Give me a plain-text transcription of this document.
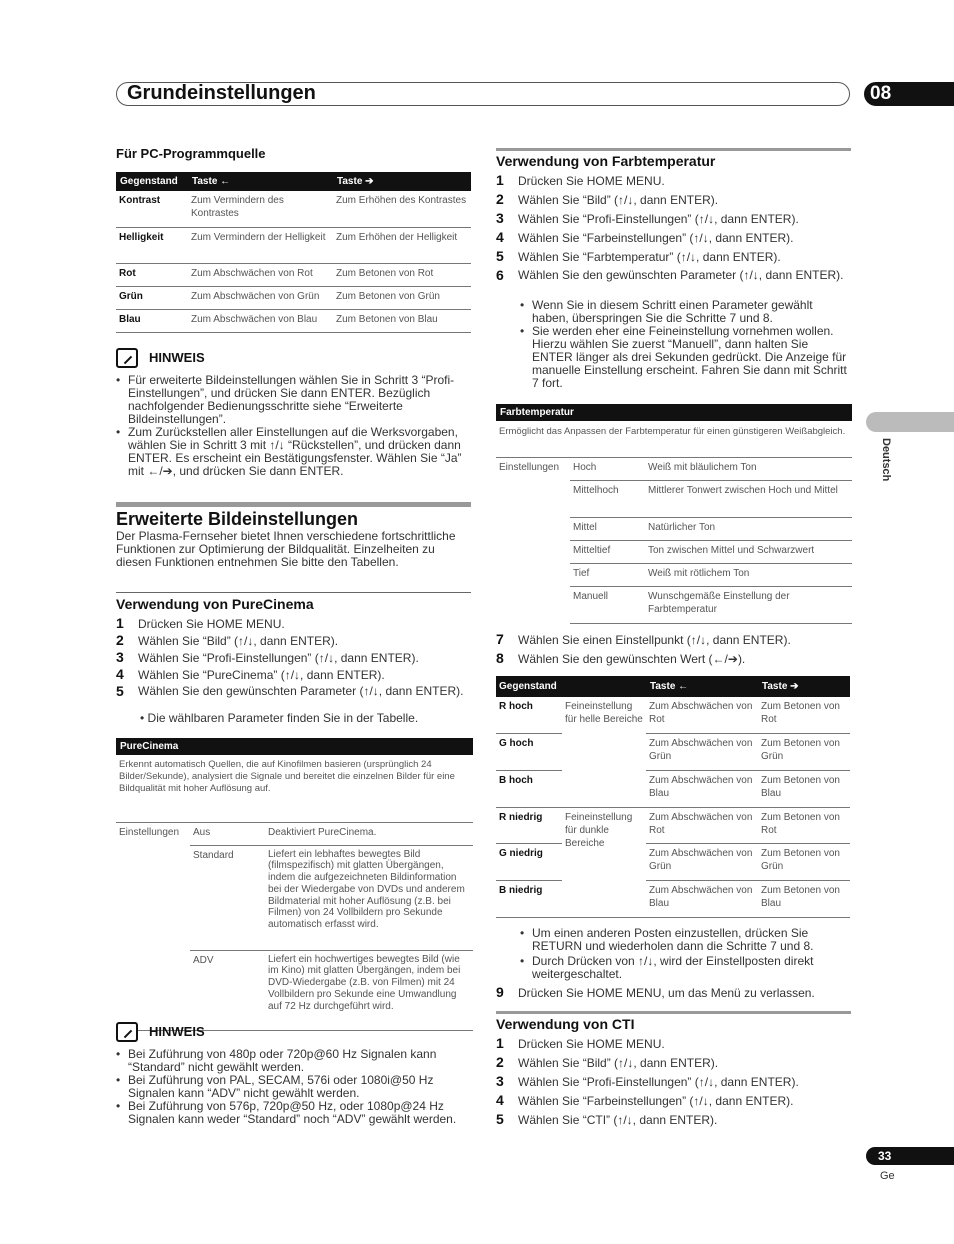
Grundeinstellungen	08
Deutsch
33
Ge
Für PC-Programmquelle
Gegenstand	Taste ←	Taste ➔
Kontrast	Zum Vermindern des Kontrastes	Zum Erhöhen des Kontrastes
Helligkeit	Zum Vermindern der Helligkeit	Zum Erhöhen der Helligkeit
Rot	Zum Abschwächen von Rot	Zum Betonen von Rot
Grün	Zum Abschwächen von Grün	Zum Betonen von Grün
Blau	Zum Abschwächen von Blau	Zum Betonen von Blau
HINWEIS
• Für erweiterte Bildeinstellungen wählen Sie in Schritt 3 “Profi-Einstellungen”, und drücken Sie dann ENTER. Bezüglich nachfolgender Bedienungsschritte siehe “Erweiterte Bildeinstellungen”.
• Zum Zurückstellen aller Einstellungen auf die Werksvorgaben, wählen Sie in Schritt 3 mit ↑/↓ “Rückstellen”, und drücken dann ENTER. Es erscheint ein Bestätigungsfenster. Wählen Sie “Ja” mit ←/➔, und drücken Sie dann ENTER.
Erweiterte Bildeinstellungen
Der Plasma-Fernseher bietet Ihnen verschiedene fortschrittliche Funktionen zur Optimierung der Bildqualität. Einzelheiten zu diesen Funktionen entnehmen Sie bitte den Tabellen.
Verwendung von PureCinema
1 Drücken Sie HOME MENU.
2 Wählen Sie “Bild” (↑/↓, dann ENTER).
3 Wählen Sie “Profi-Einstellungen” (↑/↓, dann ENTER).
4 Wählen Sie “PureCinema” (↑/↓, dann ENTER).
5	Wählen Sie den gewünschten Parameter (↑/↓, dann ENTER).
• Die wählbaren Parameter finden Sie in der Tabelle.
PureCinema
Erkennt automatisch Quellen, die auf Kinofilmen basieren (ursprünglich 24 Bilder/Sekunde), analysiert die Signale und bereitet die einzelnen Bilder für eine Bildqualität mit hoher Auflösung auf.
Einstellungen	Aus	Deaktiviert PureCinema.
	Standard	Liefert ein lebhaftes bewegtes Bild (filmspezifisch) mit glatten Übergängen, indem die aufgezeichneten Bildinformation bei der Wiedergabe von DVDs und anderem Bildmaterial mit hoher Auflösung (z.B. bei Filmen) von 24 Vollbildern pro Sekunde automatisch erfasst wird.
	ADV	Liefert ein hochwertiges bewegtes Bild (wie im Kino) mit glatten Übergängen, indem bei DVD-Wiedergabe (z.B. von Filmen) mit 24 Vollbildern pro Sekunde eine Umwandlung auf 72 Hz durchgeführt wird.
HINWEIS
• Bei Zuführung von 480p oder 720p@60 Hz Signalen kann “Standard” nicht gewählt werden.
• Bei Zuführung von PAL, SECAM, 576i oder 1080i@50 Hz Signalen kann “ADV” nicht gewählt werden.
• Bei Zuführung von 576p, 720p@50 Hz, oder 1080p@24 Hz Signalen kann weder “Standard” noch “ADV” gewählt werden.
Verwendung von Farbtemperatur
1 Drücken Sie HOME MENU.
2 Wählen Sie “Bild” (↑/↓, dann ENTER).
3 Wählen Sie “Profi-Einstellungen” (↑/↓, dann ENTER).
4 Wählen Sie “Farbeinstellungen” (↑/↓, dann ENTER).
5 Wählen Sie “Farbtemperatur” (↑/↓, dann ENTER).
6	Wählen Sie den gewünschten Parameter (↑/↓, dann ENTER).
• Wenn Sie in diesem Schritt einen Parameter gewählt haben, überspringen Sie die Schritte 7 und 8.
• Sie werden eher eine Feineinstellung vornehmen wollen. Hierzu wählen Sie zuerst “Manuell”, dann halten Sie ENTER länger als drei Sekunden gedrückt. Die Anzeige für manuelle Einstellung erscheint. Fahren Sie dann mit Schritt 7 fort.
Farbtemperatur
Ermöglicht das Anpassen der Farbtemperatur für einen günstigeren Weißabgleich.
Einstellungen	Hoch	Weiß mit bläulichem Ton
	Mittelhoch	Mittlerer Tonwert zwischen Hoch und Mittel
	Mittel	Natürlicher Ton
	Mitteltief	Ton zwischen Mittel und Schwarzwert
	Tief	Weiß mit rötlichem Ton
	Manuell	Wunschgemäße Einstellung der Farbtemperatur
7 Wählen Sie einen Einstellpunkt (↑/↓, dann ENTER).
8 Wählen Sie den gewünschten Wert (←/➔).
Gegenstand		Taste ←	Taste ➔
R hoch	Feineinstellung für helle Bereiche	Zum Abschwächen von Rot	Zum Betonen von Rot
G hoch		Zum Abschwächen von Grün	Zum Betonen von Grün
B hoch		Zum Abschwächen von Blau	Zum Betonen von Blau
R niedrig	Feineinstellung für dunkle Bereiche	Zum Abschwächen von Rot	Zum Betonen von Rot
G niedrig		Zum Abschwächen von Grün	Zum Betonen von Grün
B niedrig		Zum Abschwächen von Blau	Zum Betonen von Blau
• Um einen anderen Posten einzustellen, drücken Sie RETURN und wiederholen dann die Schritte 7 und 8.
• Durch Drücken von ↑/↓, wird der Einstellposten direkt weitergeschaltet.
9 Drücken Sie HOME MENU, um das Menü zu verlassen.
Verwendung von CTI
1 Drücken Sie HOME MENU.
2 Wählen Sie “Bild” (↑/↓, dann ENTER).
3 Wählen Sie “Profi-Einstellungen” (↑/↓, dann ENTER).
4 Wählen Sie “Farbeinstellungen” (↑/↓, dann ENTER).
5 Wählen Sie “CTI” (↑/↓, dann ENTER).
